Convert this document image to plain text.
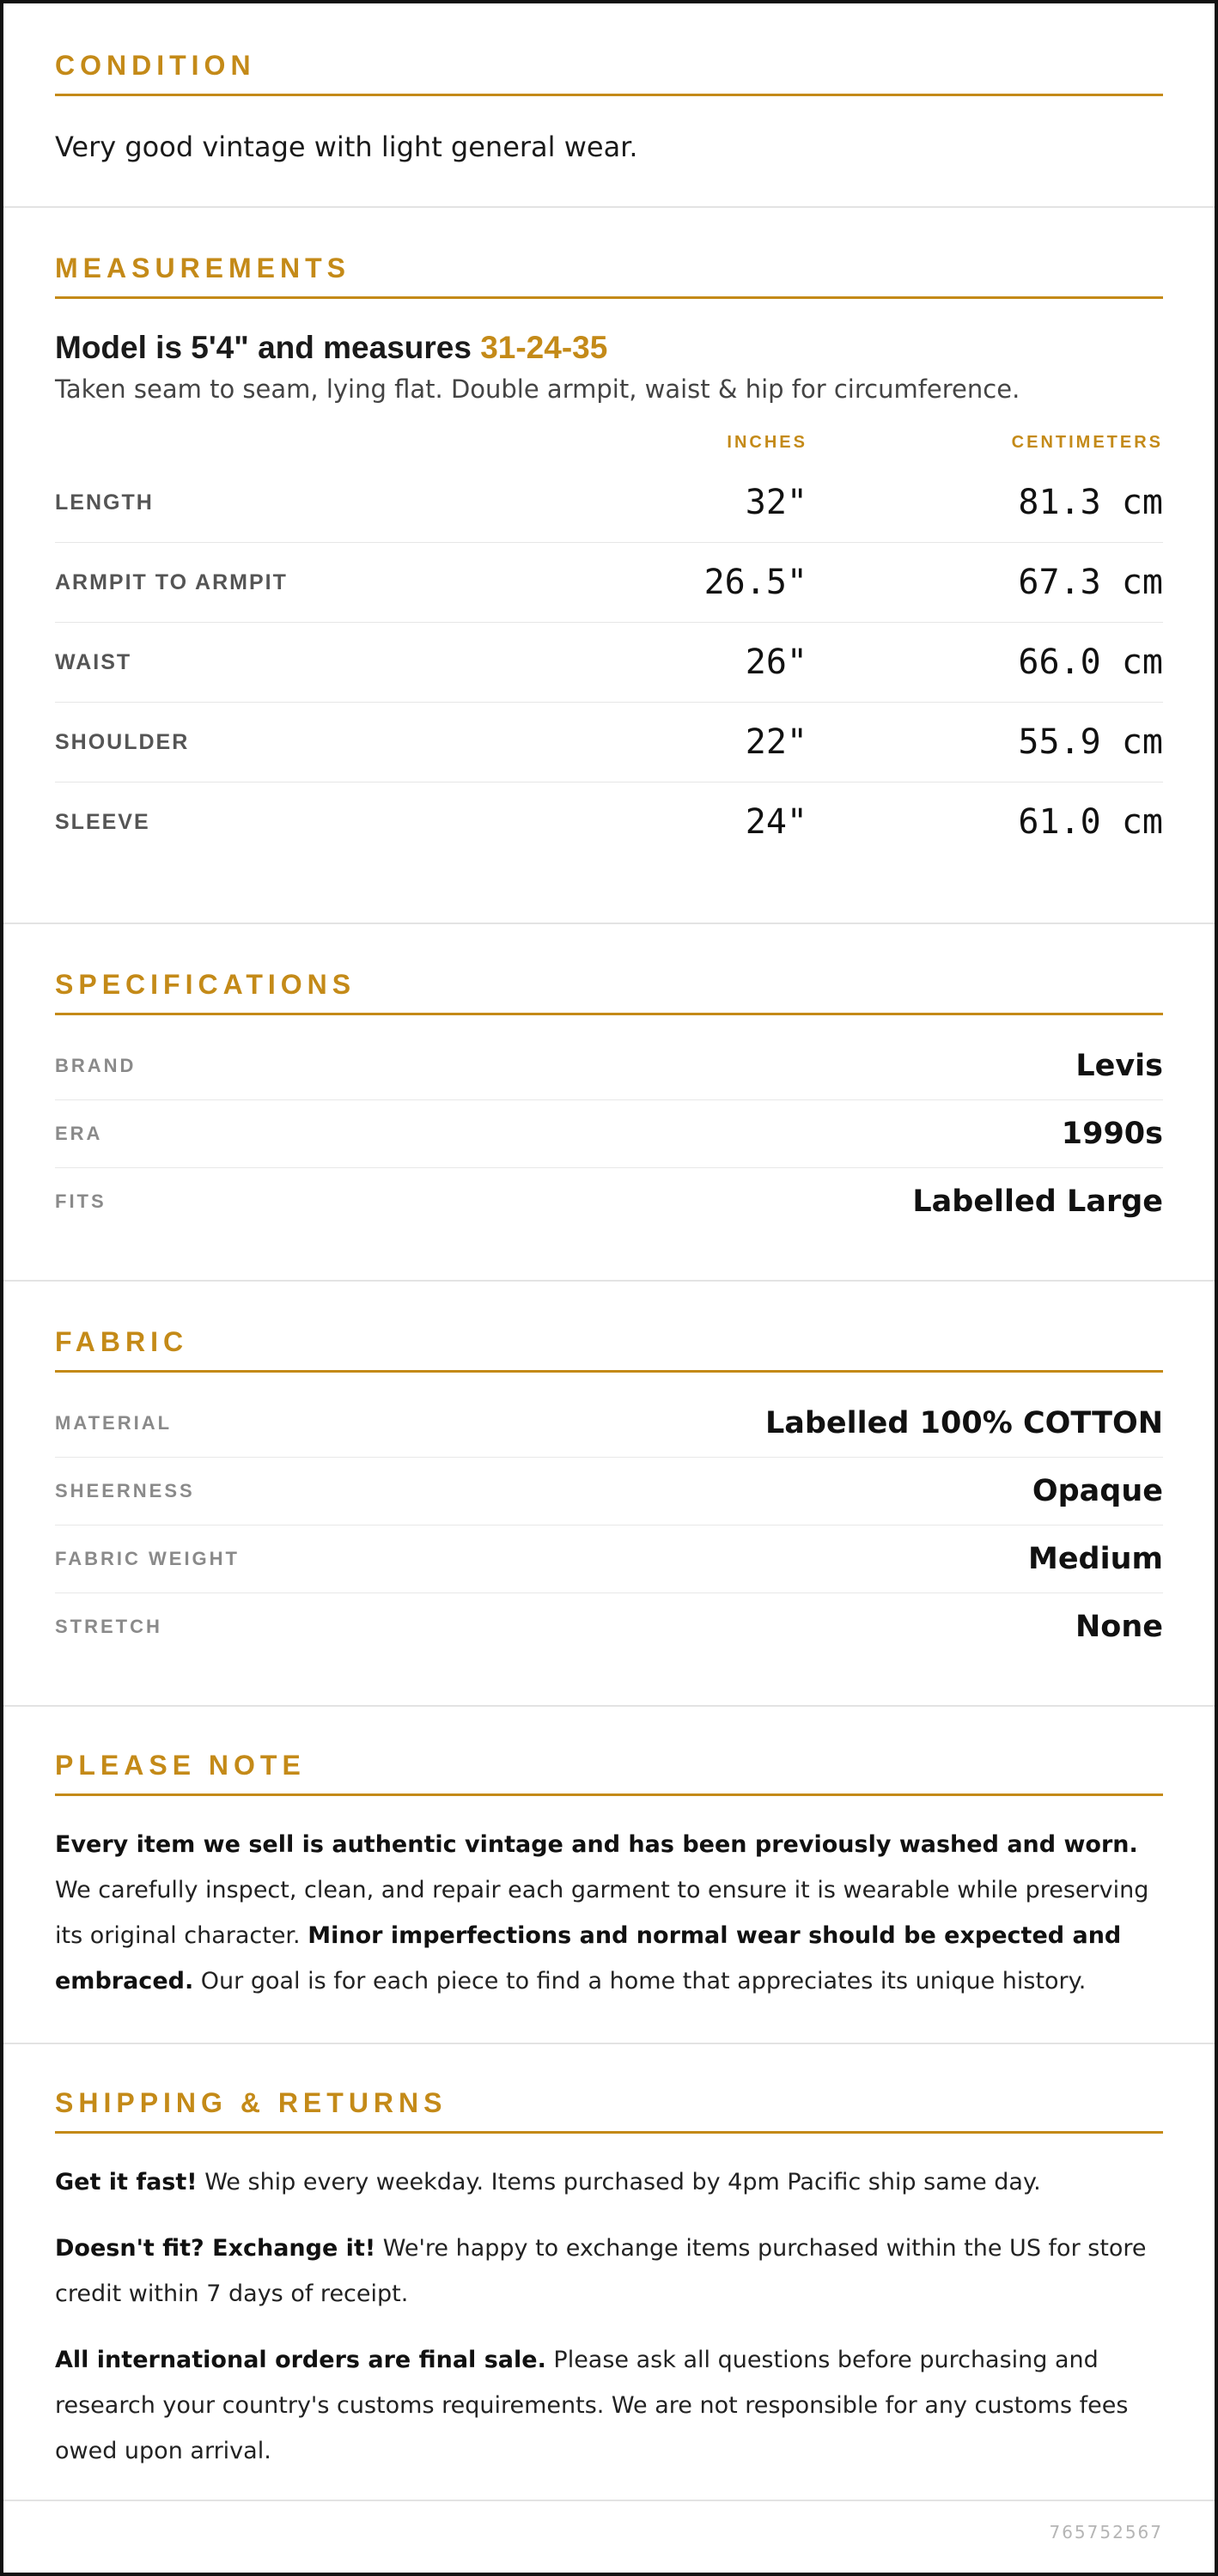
CONDITION
Very good vintage with light general wear.
MEASUREMENTS
Model is 5'4" and measures 31-24-35
Taken seam to seam, lying flat. Double armpit, waist & hip for circumference.
INCHES	CENTIMETERS
LENGTH	32"	81.3 cm
ARMPIT TO ARMPIT	26.5"	67.3 cm
WAIST	26"	66.0 cm
SHOULDER	22"	55.9 cm
SLEEVE	24"	61.0 cm
SPECIFICATIONS
BRAND	Levis
ERA	1990s
FITS	Labelled Large
FABRIC
MATERIAL	Labelled 100% COTTON
SHEERNESS	Opaque
FABRIC WEIGHT	Medium
STRETCH	None
PLEASE NOTE
Every item we sell is authentic vintage and has been previously washed and worn. We carefully inspect, clean, and repair each garment to ensure it is wearable while preserving its original character. Minor imperfections and normal wear should be expected and embraced. Our goal is for each piece to find a home that appreciates its unique history.
SHIPPING & RETURNS
Get it fast! We ship every weekday. Items purchased by 4pm Pacific ship same day.
Doesn't fit? Exchange it! We're happy to exchange items purchased within the US for store credit within 7 days of receipt.
All international orders are final sale. Please ask all questions before purchasing and research your country's customs requirements. We are not responsible for any customs fees owed upon arrival.
765752567
